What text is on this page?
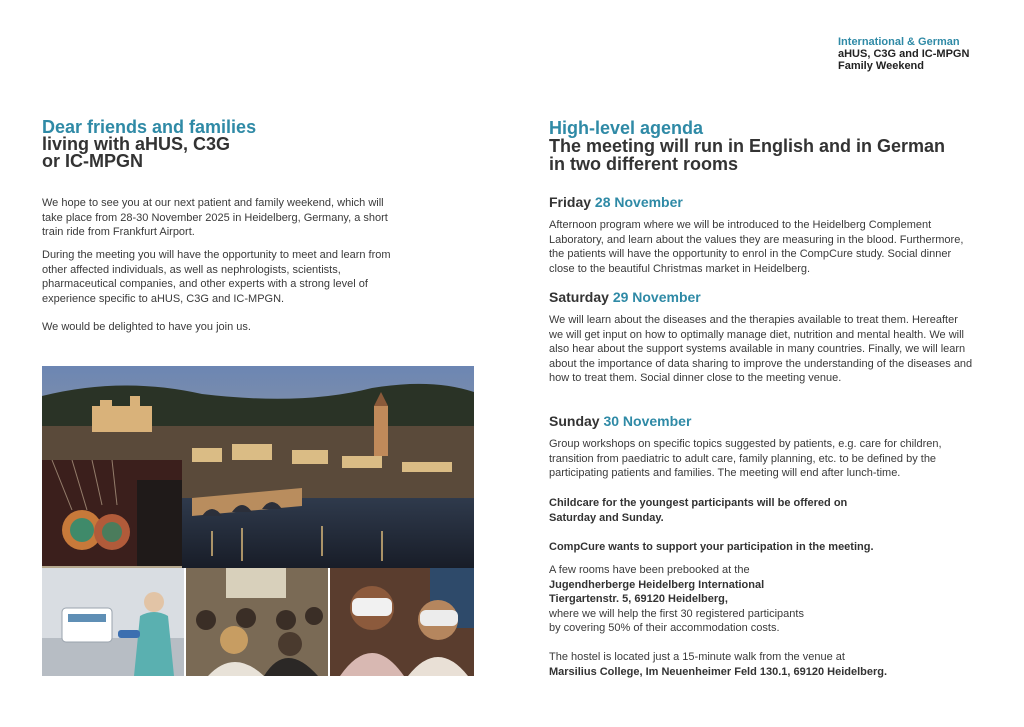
International & German
aHUS, C3G and IC-MPGN
Family Weekend
Dear friends and families
living with aHUS, C3G
or IC-MPGN

We hope to see you at our next patient and family weekend, which will take place from 28-30 November 2025 in Heidelberg, Germany, a short train ride from Frankfurt Airport.

During the meeting you will have the opportunity to meet and learn from other affected individuals, as well as nephrologists, scientists, pharmaceutical companies, and other experts with a strong level of experience specific to aHUS, C3G and IC-MPGN.

We would be delighted to have you join us.

High-level agenda
The meeting will run in English and in German
in two different rooms
Friday 28 November

Afternoon program where we will be introduced to the Heidelberg Complement Laboratory, and learn about the values they are measuring in the blood. Furthermore, the patients will have the opportunity to enrol in the CompCure study. Social dinner close to the beautiful Christmas market in Heidelberg.

Saturday 29 November

We will learn about the diseases and the therapies available to treat them. Hereafter we will get input on how to optimally manage diet, nutrition and mental health. We will also hear about the support systems available in many countries. Finally, we will learn about the importance of data sharing to improve the understanding of the diseases and how to treat them. Social dinner close to the meeting venue.

Sunday 30 November

Group workshops on specific topics suggested by patients, e.g. care for children, transition from paediatric to adult care, family planning, etc. to be defined by the participating patients and families. The meeting will end after lunch-time.

Childcare for the youngest participants will be offered on
Saturday and Sunday.

CompCure wants to support your participation in the meeting.

A few rooms have been prebooked at the
Jugendherberge Heidelberg International
Tiergartenstr. 5, 69120 Heidelberg,
where we will help the first 30 registered participants
by covering 50% of their accommodation costs.

The hostel is located just a 15-minute walk from the venue at
Marsilius College, Im Neuenheimer Feld 130.1, 69120 Heidelberg.
